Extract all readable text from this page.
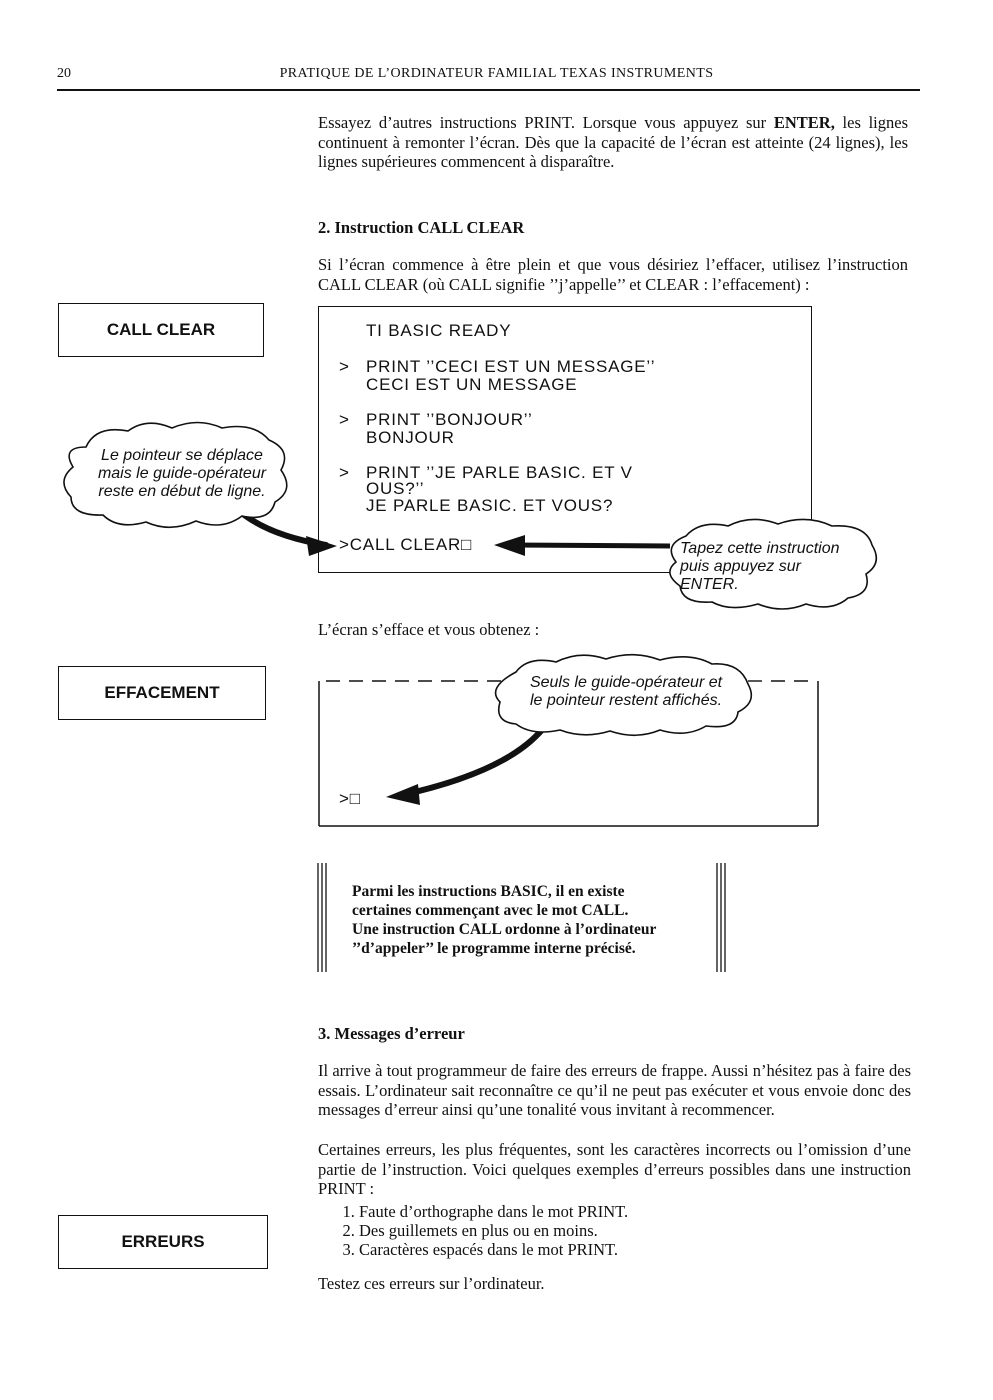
20	PRATIQUE DE L’ORDINATEUR FAMILIAL TEXAS INSTRUMENTS

Essayez d’autres instructions PRINT. Lorsque vous appuyez sur ENTER, les lignes continuent à remonter l’écran. Dès que la capacité de l’écran est atteinte (24 lignes), les lignes supérieures commencent à disparaître.

2. Instruction CALL CLEAR

Si l’écran commence à être plein et que vous désiriez l’effacer, utilisez l’instruction CALL CLEAR (où CALL signifie ’’j’appelle’’ et CLEAR : l’effacement) :

CALL CLEAR	TI BASIC READY
> PRINT ’’CECI EST UN MESSAGE’’
CECI EST UN MESSAGE
> PRINT ’’BONJOUR’’
BONJOUR
> PRINT ’’JE PARLE BASIC. ET V
OUS?’’
JE PARLE BASIC. ET VOUS?
>CALL CLEAR□
Le pointeur se déplace
mais le guide-opérateur
reste en début de ligne.
Tapez cette instruction
puis appuyez sur
ENTER.

L’écran s’efface et vous obtenez :

EFFACEMENT
Seuls le guide-opérateur et
le pointeur restent affichés.
>□
Parmi les instructions BASIC, il en existe
certaines commençant avec le mot CALL.
Une instruction CALL ordonne à l’ordinateur
’’d’appeler’’ le programme interne précisé.
3. Messages d’erreur

Il arrive à tout programmeur de faire des erreurs de frappe. Aussi n’hésitez pas à faire des essais. L’ordinateur sait reconnaître ce qu’il ne peut pas exécuter et vous envoie donc des messages d’erreur ainsi qu’une tonalité vous invitant à recommencer.

Certaines erreurs, les plus fréquentes, sont les caractères incorrects ou l’omission d’une partie de l’instruction. Voici quelques exemples d’erreurs possibles dans une instruction PRINT :

ERREURS
1. Faute d’orthographe dans le mot PRINT.
2. Des guillemets en plus ou en moins.
3. Caractères espacés dans le mot PRINT.

Testez ces erreurs sur l’ordinateur.
